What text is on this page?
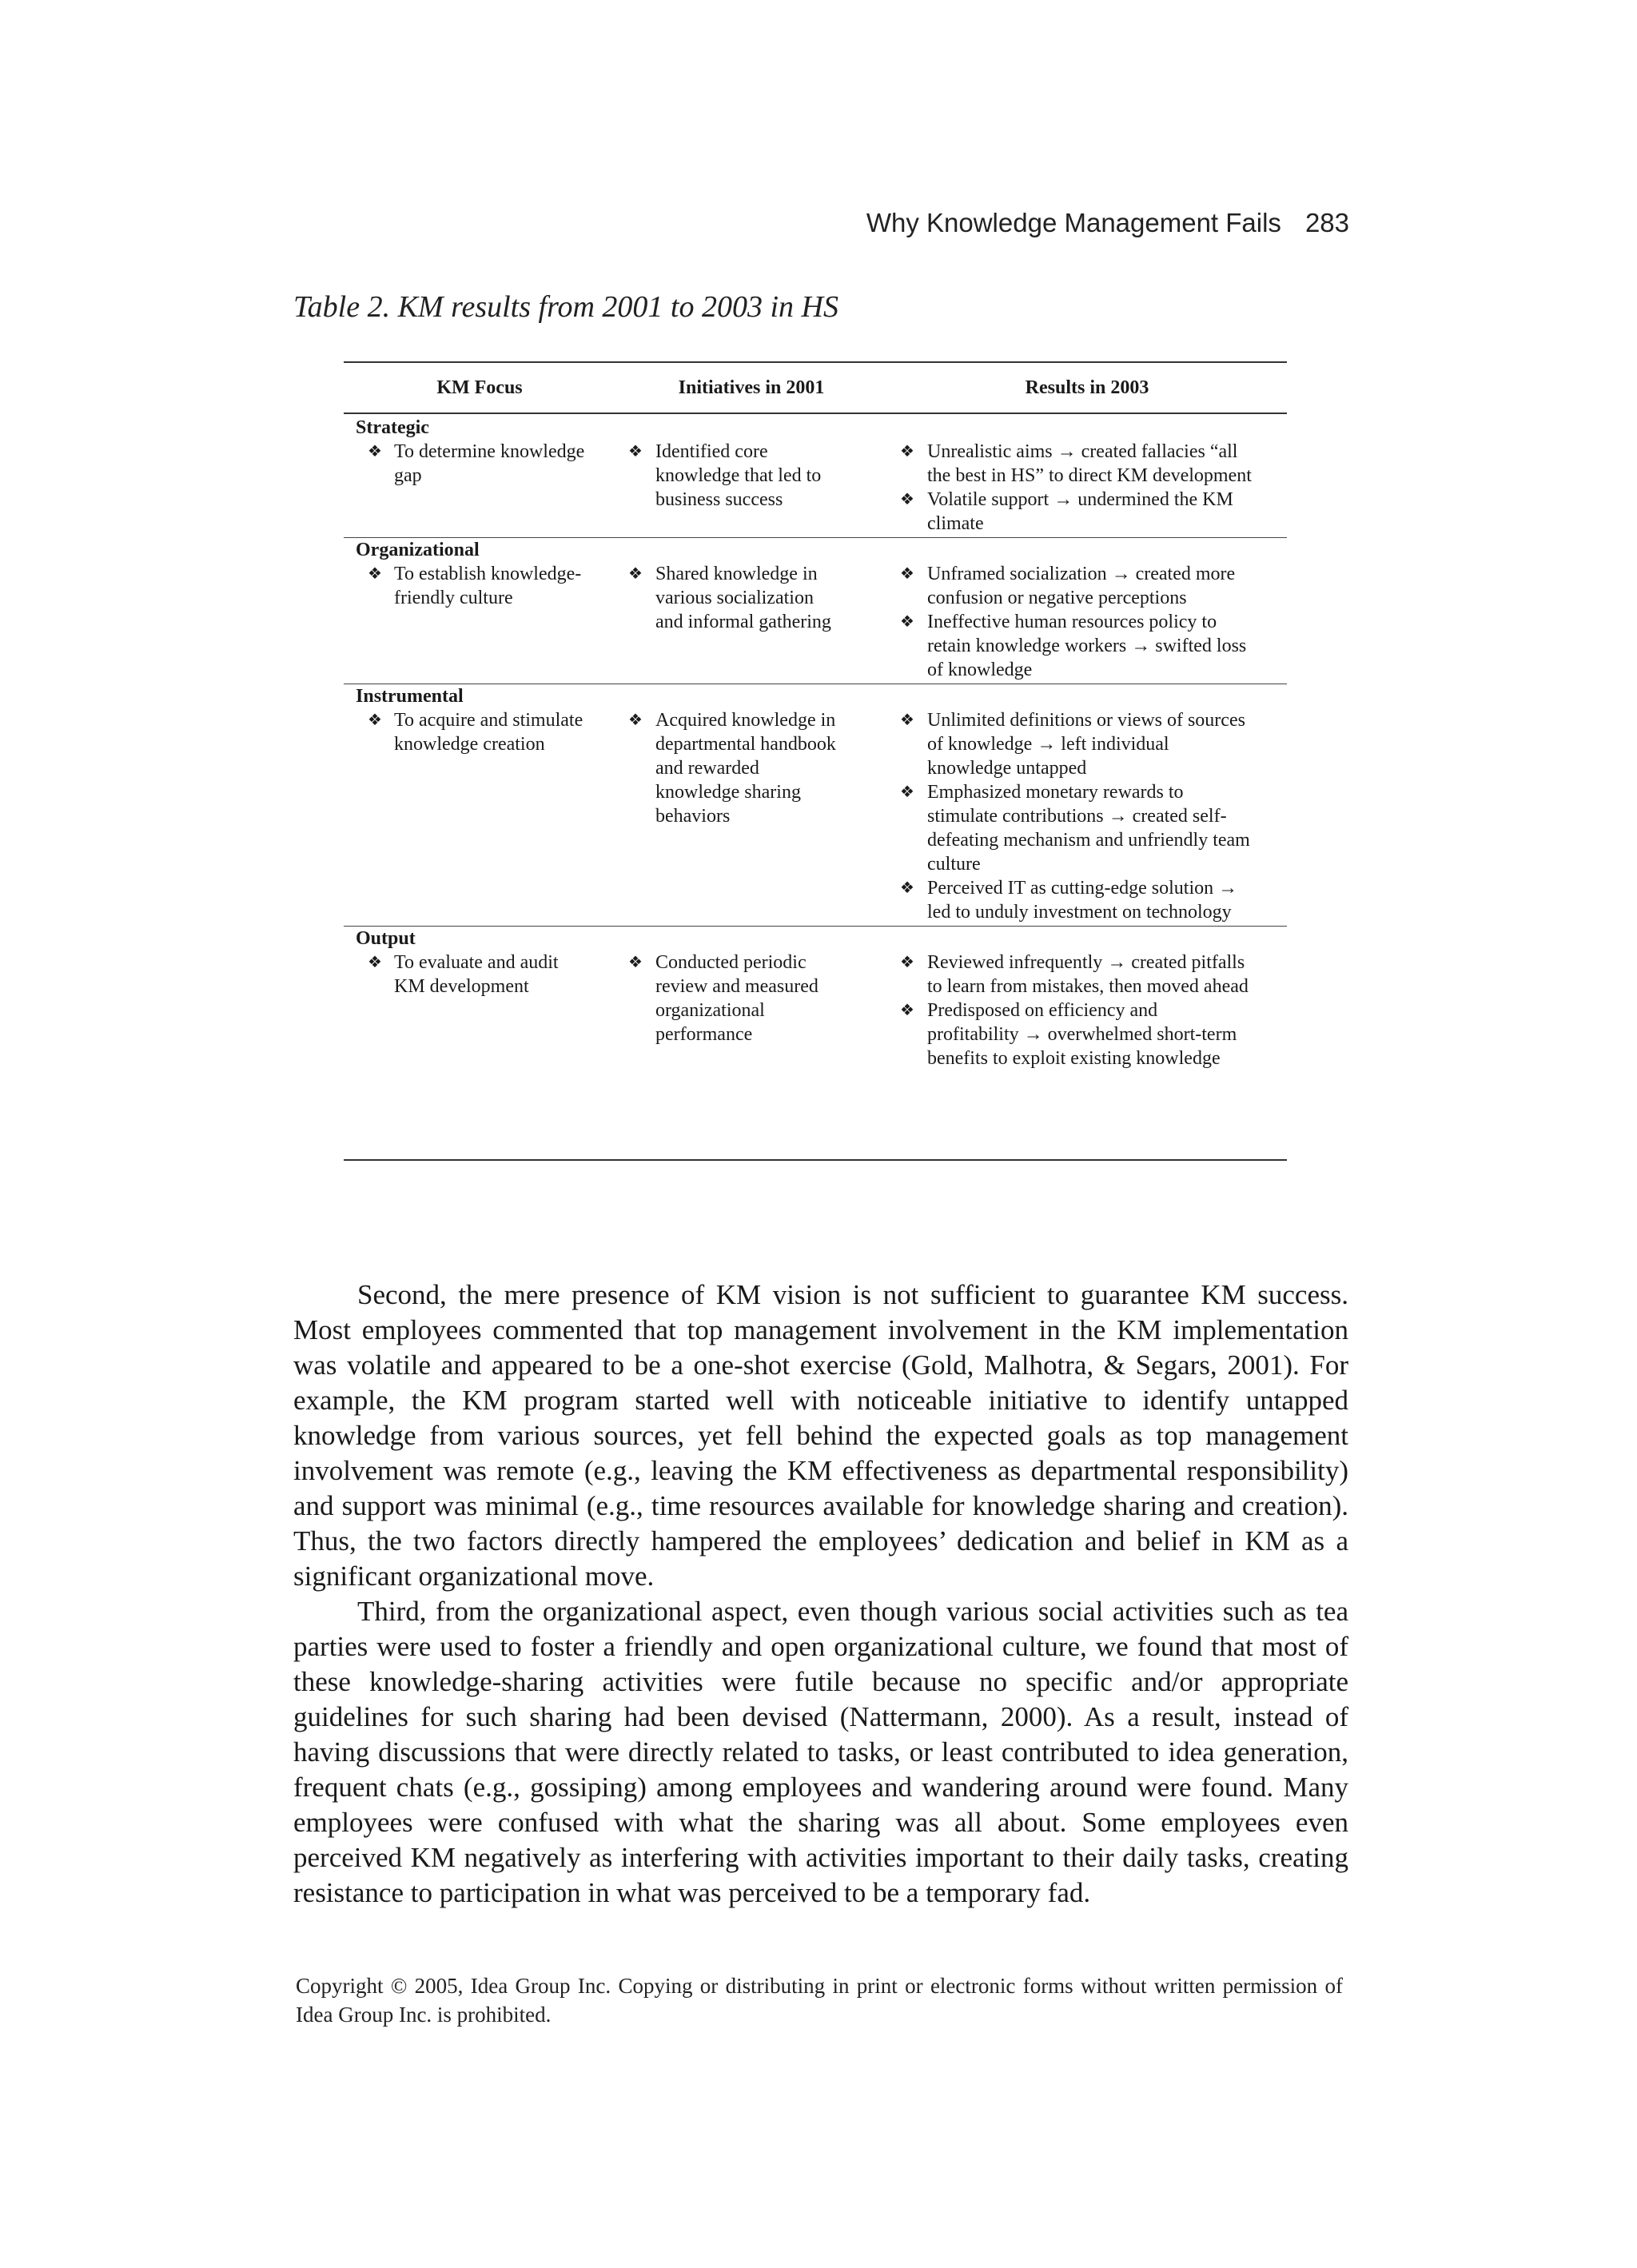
Why Knowledge Management Fails 283
Table 2. KM results from 2001 to 2003 in HS
KM Focus	Initiatives in 2001	Results in 2003
Strategic
❖ To determine knowledge
gap
❖ Identified core
knowledge that led to
business success
❖ Unrealistic aims → created fallacies “all
the best in HS” to direct KM development
❖ Volatile support → undermined the KM
climate
Organizational
❖ To establish knowledge-
friendly culture
❖ Shared knowledge in
various socialization
and informal gathering
❖ Unframed socialization → created more
confusion or negative perceptions
❖ Ineffective human resources policy to
retain knowledge workers → swifted loss
of knowledge
Instrumental
❖ To acquire and stimulate
knowledge creation
❖ Acquired knowledge in
departmental handbook
and rewarded
knowledge sharing
behaviors
❖ Unlimited definitions or views of sources
of knowledge → left individual
knowledge untapped
❖ Emphasized monetary rewards to
stimulate contributions → created self-
defeating mechanism and unfriendly team
culture
❖ Perceived IT as cutting-edge solution →
led to unduly investment on technology
Output
❖ To evaluate and audit
KM development
❖ Conducted periodic
review and measured
organizational
performance
❖ Reviewed infrequently → created pitfalls
to learn from mistakes, then moved ahead
❖ Predisposed on efficiency and
profitability → overwhelmed short-term
benefits to exploit existing knowledge

Second, the mere presence of KM vision is not sufficient to guarantee KM success. Most employees commented that top management involvement in the KM implementation was volatile and appeared to be a one-shot exercise (Gold, Malhotra, & Segars, 2001). For example, the KM program started well with noticeable initiative to identify untapped knowledge from various sources, yet fell behind the expected goals as top management involvement was remote (e.g., leaving the KM effectiveness as departmental responsibility) and support was minimal (e.g., time resources available for knowledge sharing and creation). Thus, the two factors directly hampered the employees’ dedication and belief in KM as a significant organizational move.

Third, from the organizational aspect, even though various social activities such as tea parties were used to foster a friendly and open organizational culture, we found that most of these knowledge-sharing activities were futile because no specific and/or appropriate guidelines for such sharing had been devised (Nattermann, 2000). As a result, instead of having discussions that were directly related to tasks, or least contributed to idea generation, frequent chats (e.g., gossiping) among employees and wandering around were found. Many employees were confused with what the sharing was all about. Some employees even perceived KM negatively as interfering with activities important to their daily tasks, creating resistance to participation in what was perceived to be a temporary fad.

Copyright © 2005, Idea Group Inc. Copying or distributing in print or electronic forms without written permission of Idea Group Inc. is prohibited.
